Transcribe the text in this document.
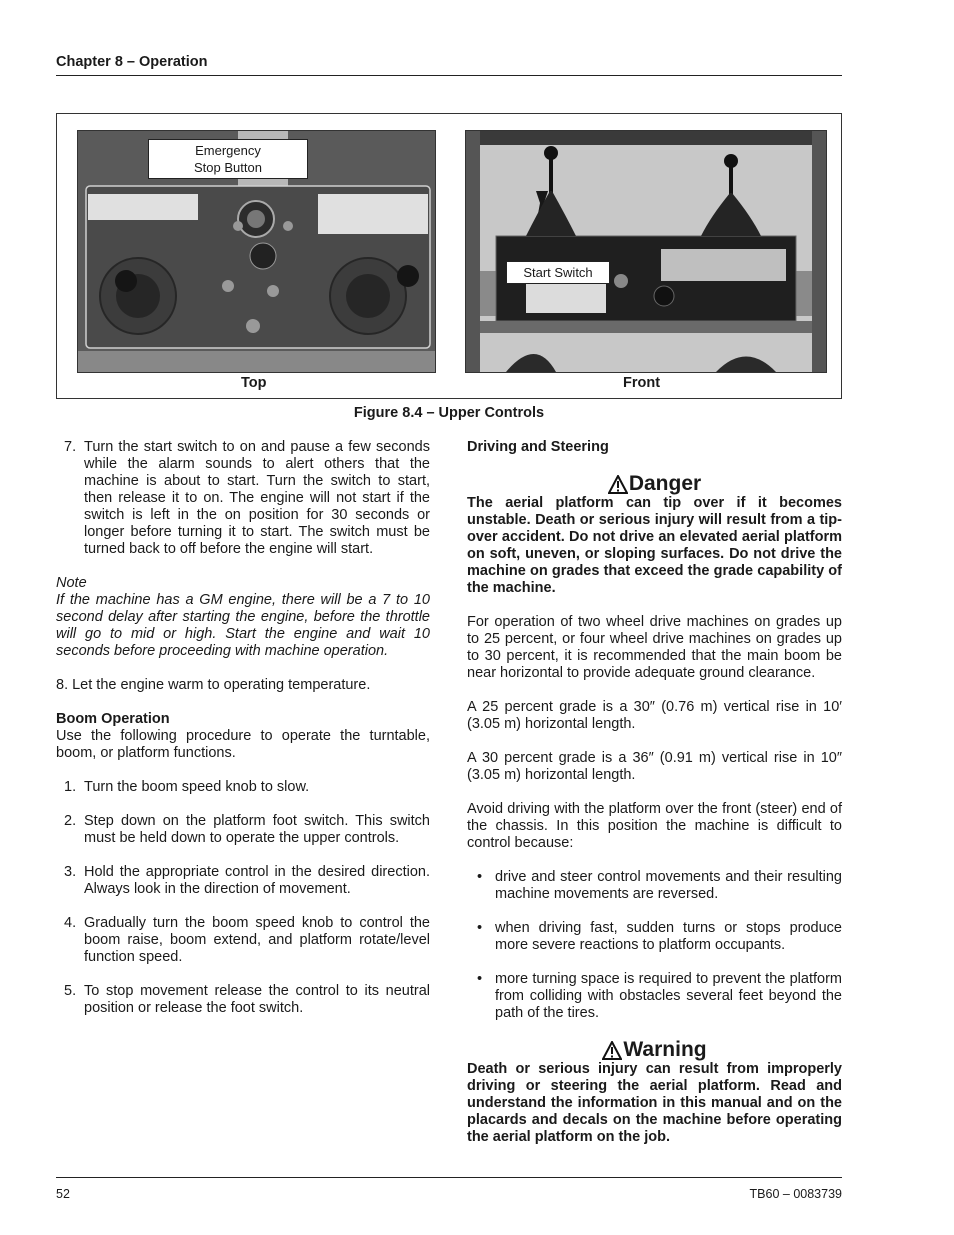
Chapter 8 – Operation
Emergency
Stop Button
Start Switch
Top	Front
Figure 8.4 – Upper Controls
7. Turn the start switch to on and pause a few seconds while the alarm sounds to alert others that the machine is about to start. Turn the switch to start, then release it to on. The engine will not start if the switch is left in the on position for 30 seconds or longer before turning it to start. The switch must be turned back to off before the engine will start.

Note

If the machine has a GM engine, there will be a 7 to 10 second delay after starting the engine, before the throttle will go to mid or high. Start the engine and wait 10 seconds before proceeding with machine operation.

8. Let the engine warm to operating temperature.

Boom Operation

Use the following procedure to operate the turntable, boom, or platform functions.

1. Turn the boom speed knob to slow.
2. Step down on the platform foot switch. This switch must be held down to operate the upper controls.
3. Hold the appropriate control in the desired direction. Always look in the direction of movement.
4. Gradually turn the boom speed knob to control the boom raise, boom extend, and platform rotate/level function speed.
5. To stop movement release the control to its neutral position or release the foot switch.

Driving and Steering

Danger

The aerial platform can tip over if it becomes unstable. Death or serious injury will result from a tip-over accident. Do not drive an elevated aerial platform on soft, uneven, or sloping surfaces. Do not drive the machine on grades that exceed the grade capability of the machine.

For operation of two wheel drive machines on grades up to 25 percent, or four wheel drive machines on grades up to 30 percent, it is recommended that the main boom be near horizontal to provide adequate ground clearance.

A 25 percent grade is a 30″ (0.76 m) vertical rise in 10′ (3.05 m) horizontal length.

A 30 percent grade is a 36″ (0.91 m) vertical rise in 10″ (3.05 m) horizontal length.

Avoid driving with the platform over the front (steer) end of the chassis. In this position the machine is difficult to control because:

• drive and steer control movements and their resulting machine movements are reversed.
• when driving fast, sudden turns or stops produce more severe reactions to platform occupants.
• more turning space is required to prevent the platform from colliding with obstacles several feet beyond the path of the tires.
Warning

Death or serious injury can result from improperly driving or steering the aerial platform. Read and understand the information in this manual and on the placards and decals on the machine before operating the aerial platform on the job.

52	TB60 – 0083739
